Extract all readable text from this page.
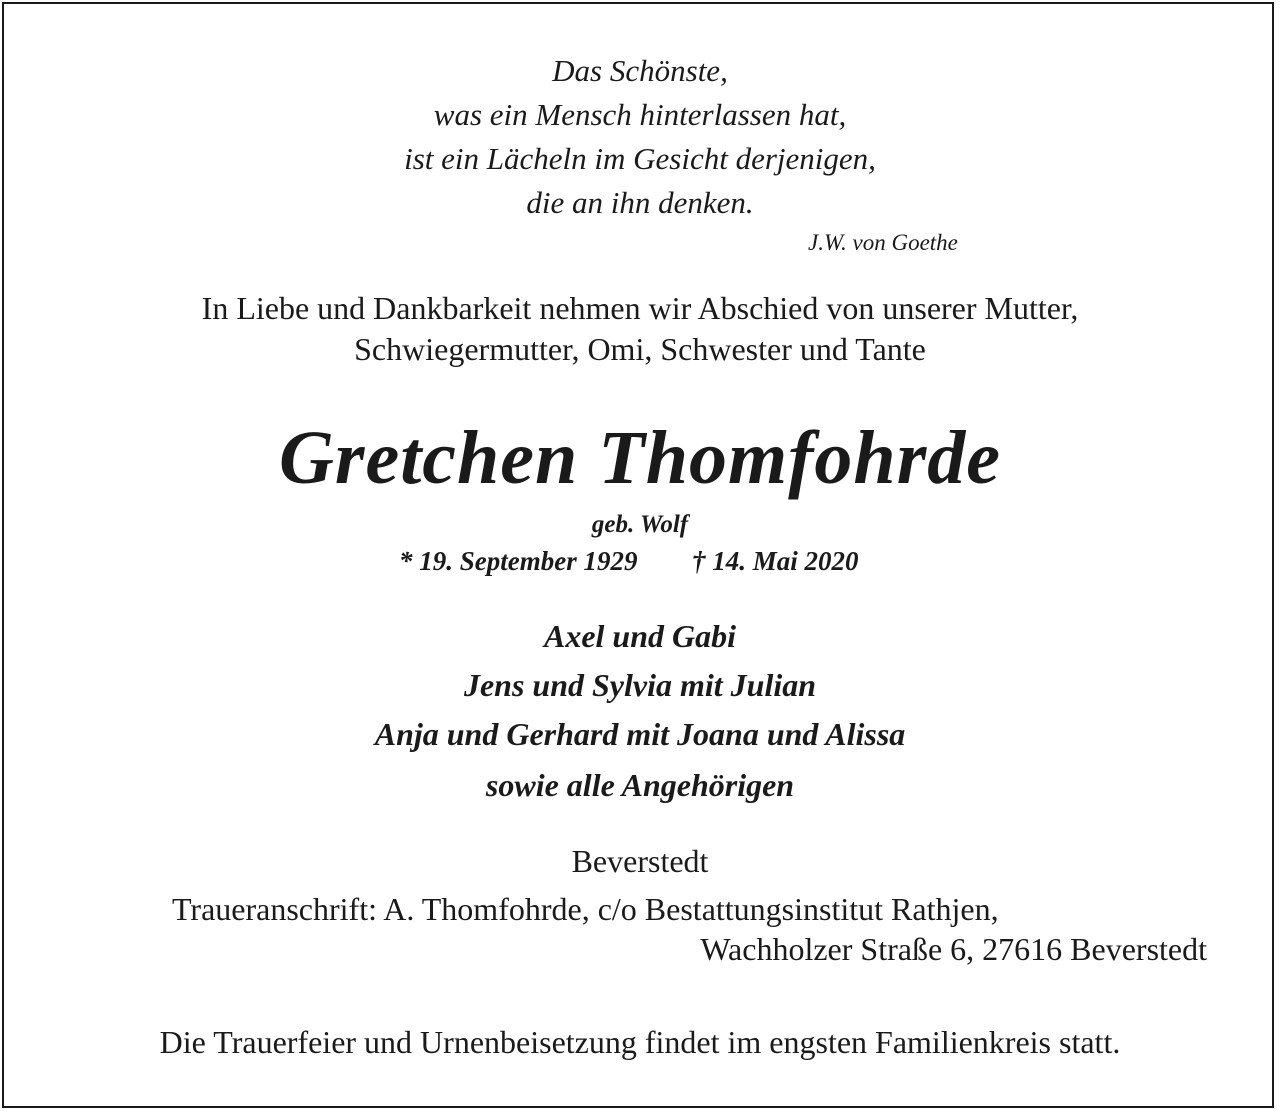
Das Schönste,
was ein Mensch hinterlassen hat,
ist ein Lächeln im Gesicht derjenigen,
die an ihn denken.
J.W. von Goethe
In Liebe und Dankbarkeit nehmen wir Abschied von unserer Mutter,
Schwiegermutter, Omi, Schwester und Tante
Gretchen Thomfohrde
geb. Wolf
* 19. September 1929 † 14. Mai 2020
Axel und Gabi
Jens und Sylvia mit Julian
Anja und Gerhard mit Joana und Alissa
sowie alle Angehörigen
Beverstedt
Traueranschrift: A. Thomfohrde, c/o Bestattungsinstitut Rathjen,
Wachholzer Straße 6, 27616 Beverstedt
Die Trauerfeier und Urnenbeisetzung findet im engsten Familienkreis statt.
